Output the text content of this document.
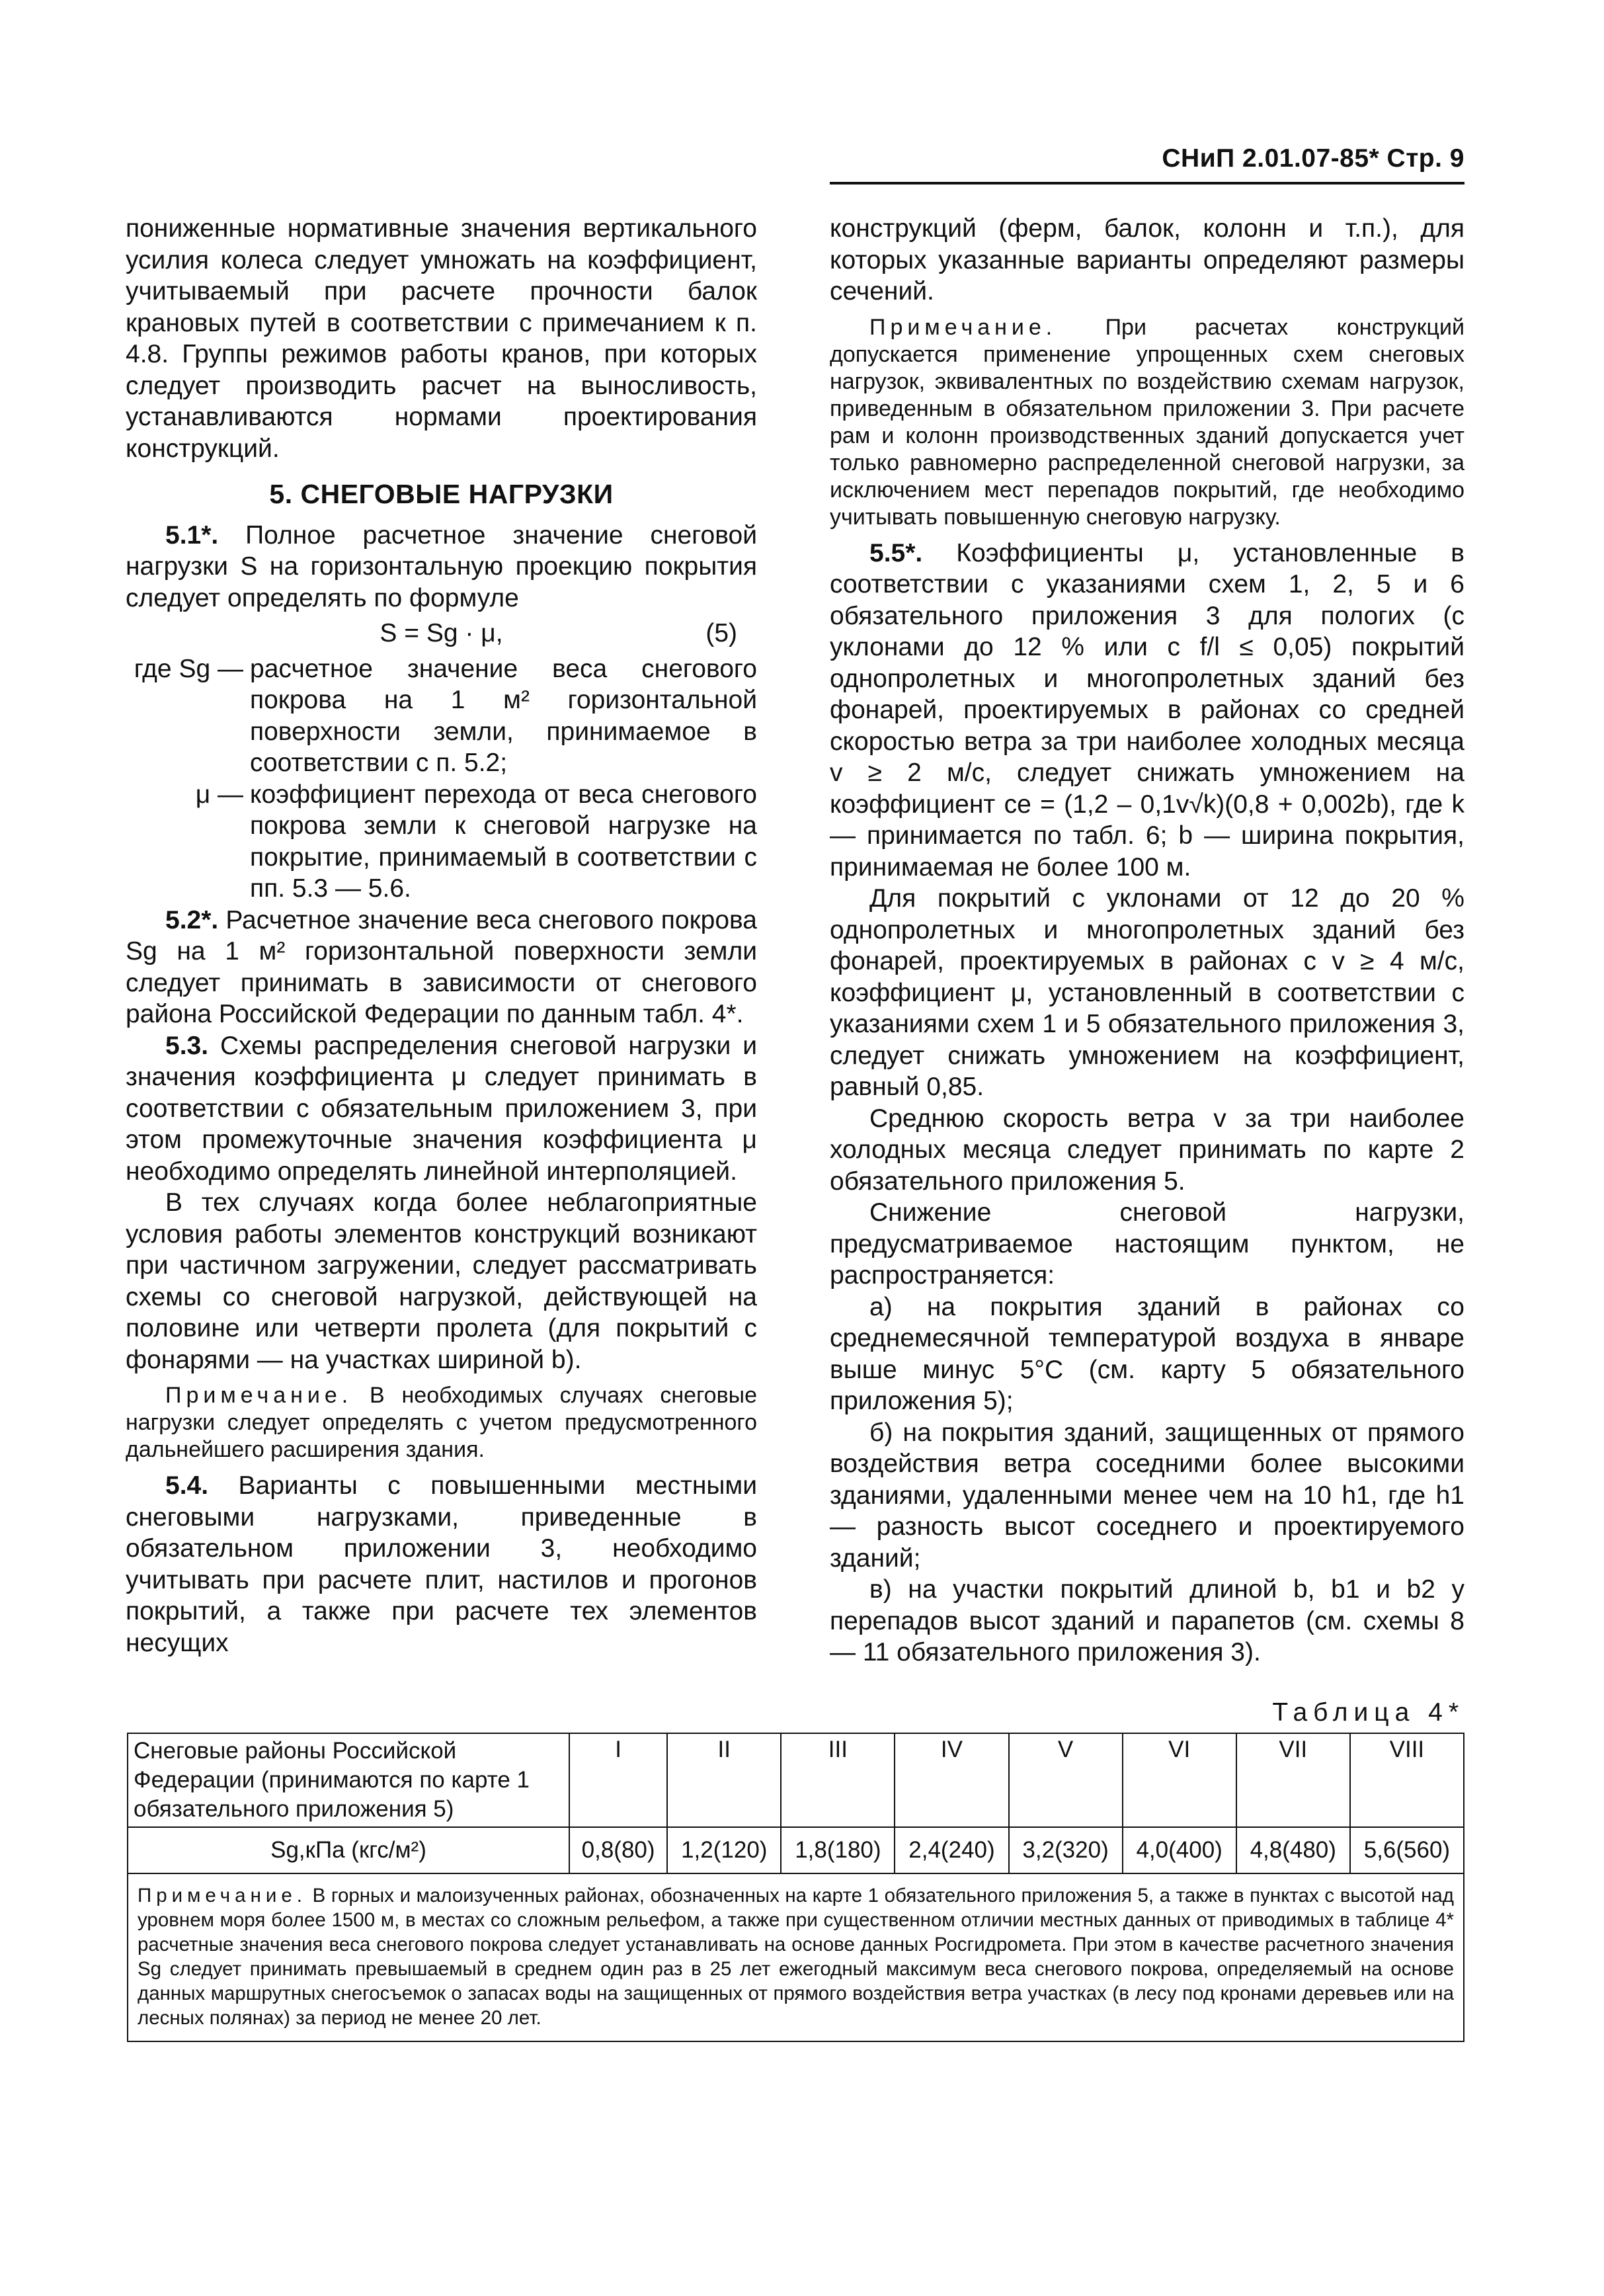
СНиП 2.01.07-85* Стр. 9

пониженные нормативные значения вертикального усилия колеса следует умножать на коэффициент, учитываемый при расчете прочности балок крановых путей в соответствии с примечанием к п. 4.8. Группы режимов работы кранов, при которых следует производить расчет на выносливость, устанавливаются нормами проектирования конструкций.

5. СНЕГОВЫЕ НАГРУЗКИ

5.1*. Полное расчетное значение снеговой нагрузки S на горизонтальную проекцию покрытия следует определять по формуле

S = Sg · μ,	(5)

где Sg — расчетное значение веса снегового покрова на 1 м² горизонтальной поверхности земли, принимаемое в соответствии с п. 5.2;
μ — коэффициент перехода от веса снегового покрова земли к снеговой нагрузке на покрытие, принимаемый в соответствии с пп. 5.3 — 5.6.

5.2*. Расчетное значение веса снегового покрова Sg на 1 м² горизонтальной поверхности земли следует принимать в зависимости от снегового района Российской Федерации по данным табл. 4*.

5.3. Схемы распределения снеговой нагрузки и значения коэффициента μ следует принимать в соответствии с обязательным приложением 3, при этом промежуточные значения коэффициента μ необходимо определять линейной интерполяцией.

В тех случаях когда более неблагоприятные условия работы элементов конструкций возникают при частичном загружении, следует рассматривать схемы со снеговой нагрузкой, действующей на половине или четверти пролета (для покрытий с фонарями — на участках шириной b).

Примечание. В необходимых случаях снеговые нагрузки следует определять с учетом предусмотренного дальнейшего расширения здания.

5.4. Варианты с повышенными местными снеговыми нагрузками, приведенные в обязательном приложении 3, необходимо учитывать при расчете плит, настилов и прогонов покрытий, а также при расчете тех элементов несущих

конструкций (ферм, балок, колонн и т.п.), для которых указанные варианты определяют размеры сечений.

Примечание. При расчетах конструкций допускается применение упрощенных схем снеговых нагрузок, эквивалентных по воздействию схемам нагрузок, приведенным в обязательном приложении 3. При расчете рам и колонн производственных зданий допускается учет только равномерно распределенной снеговой нагрузки, за исключением мест перепадов покрытий, где необходимо учитывать повышенную снеговую нагрузку.

5.5*. Коэффициенты μ, установленные в соответствии с указаниями схем 1, 2, 5 и 6 обязательного приложения 3 для пологих (с уклонами до 12 % или с f/l ≤ 0,05) покрытий однопролетных и многопролетных зданий без фонарей, проектируемых в районах со средней скоростью ветра за три наиболее холодных месяца v ≥ 2 м/с, следует снижать умножением на коэффициент ce = (1,2 – 0,1v√k)(0,8 + 0,002b), где k — принимается по табл. 6; b — ширина покрытия, принимаемая не более 100 м.

Для покрытий с уклонами от 12 до 20 % однопролетных и многопролетных зданий без фонарей, проектируемых в районах с v ≥ 4 м/с, коэффициент μ, установленный в соответствии с указаниями схем 1 и 5 обязательного приложения 3, следует снижать умножением на коэффициент, равный 0,85.

Среднюю скорость ветра v за три наиболее холодных месяца следует принимать по карте 2 обязательного приложения 5.

Снижение снеговой нагрузки, предусматриваемое настоящим пунктом, не распространяется:

а) на покрытия зданий в районах со среднемесячной температурой воздуха в январе выше минус 5°С (см. карту 5 обязательного приложения 5);

б) на покрытия зданий, защищенных от прямого воздействия ветра соседними более высокими зданиями, удаленными менее чем на 10 h1, где h1 — разность высот соседнего и проектируемого зданий;

в) на участки покрытий длиной b, b1 и b2 у перепадов высот зданий и парапетов (см. схемы 8 — 11 обязательного приложения 3).

Таблица 4*
Снеговые районы Российской Федерации (принимаются по карте 1 обязательного приложения 5)	I	II	III	IV	V	VI	VII	VIII
Sg,кПа (кгс/м²)	0,8(80)	1,2(120)	1,8(180)	2,4(240)	3,2(320)	4,0(400)	4,8(480)	5,6(560)
Примечание. В горных и малоизученных районах, обозначенных на карте 1 обязательного приложения 5, а также в пунктах с высотой над уровнем моря более 1500 м, в местах со сложным рельефом, а также при существенном отличии местных данных от приводимых в таблице 4* расчетные значения веса снегового покрова следует устанавливать на основе данных Росгидромета. При этом в качестве расчетного значения Sg следует принимать превышаемый в среднем один раз в 25 лет ежегодный максимум веса снегового покрова, определяемый на основе данных маршрутных снегосъемок о запасах воды на защищенных от прямого воздействия ветра участках (в лесу под кронами деревьев или на лесных полянах) за период не менее 20 лет.								
